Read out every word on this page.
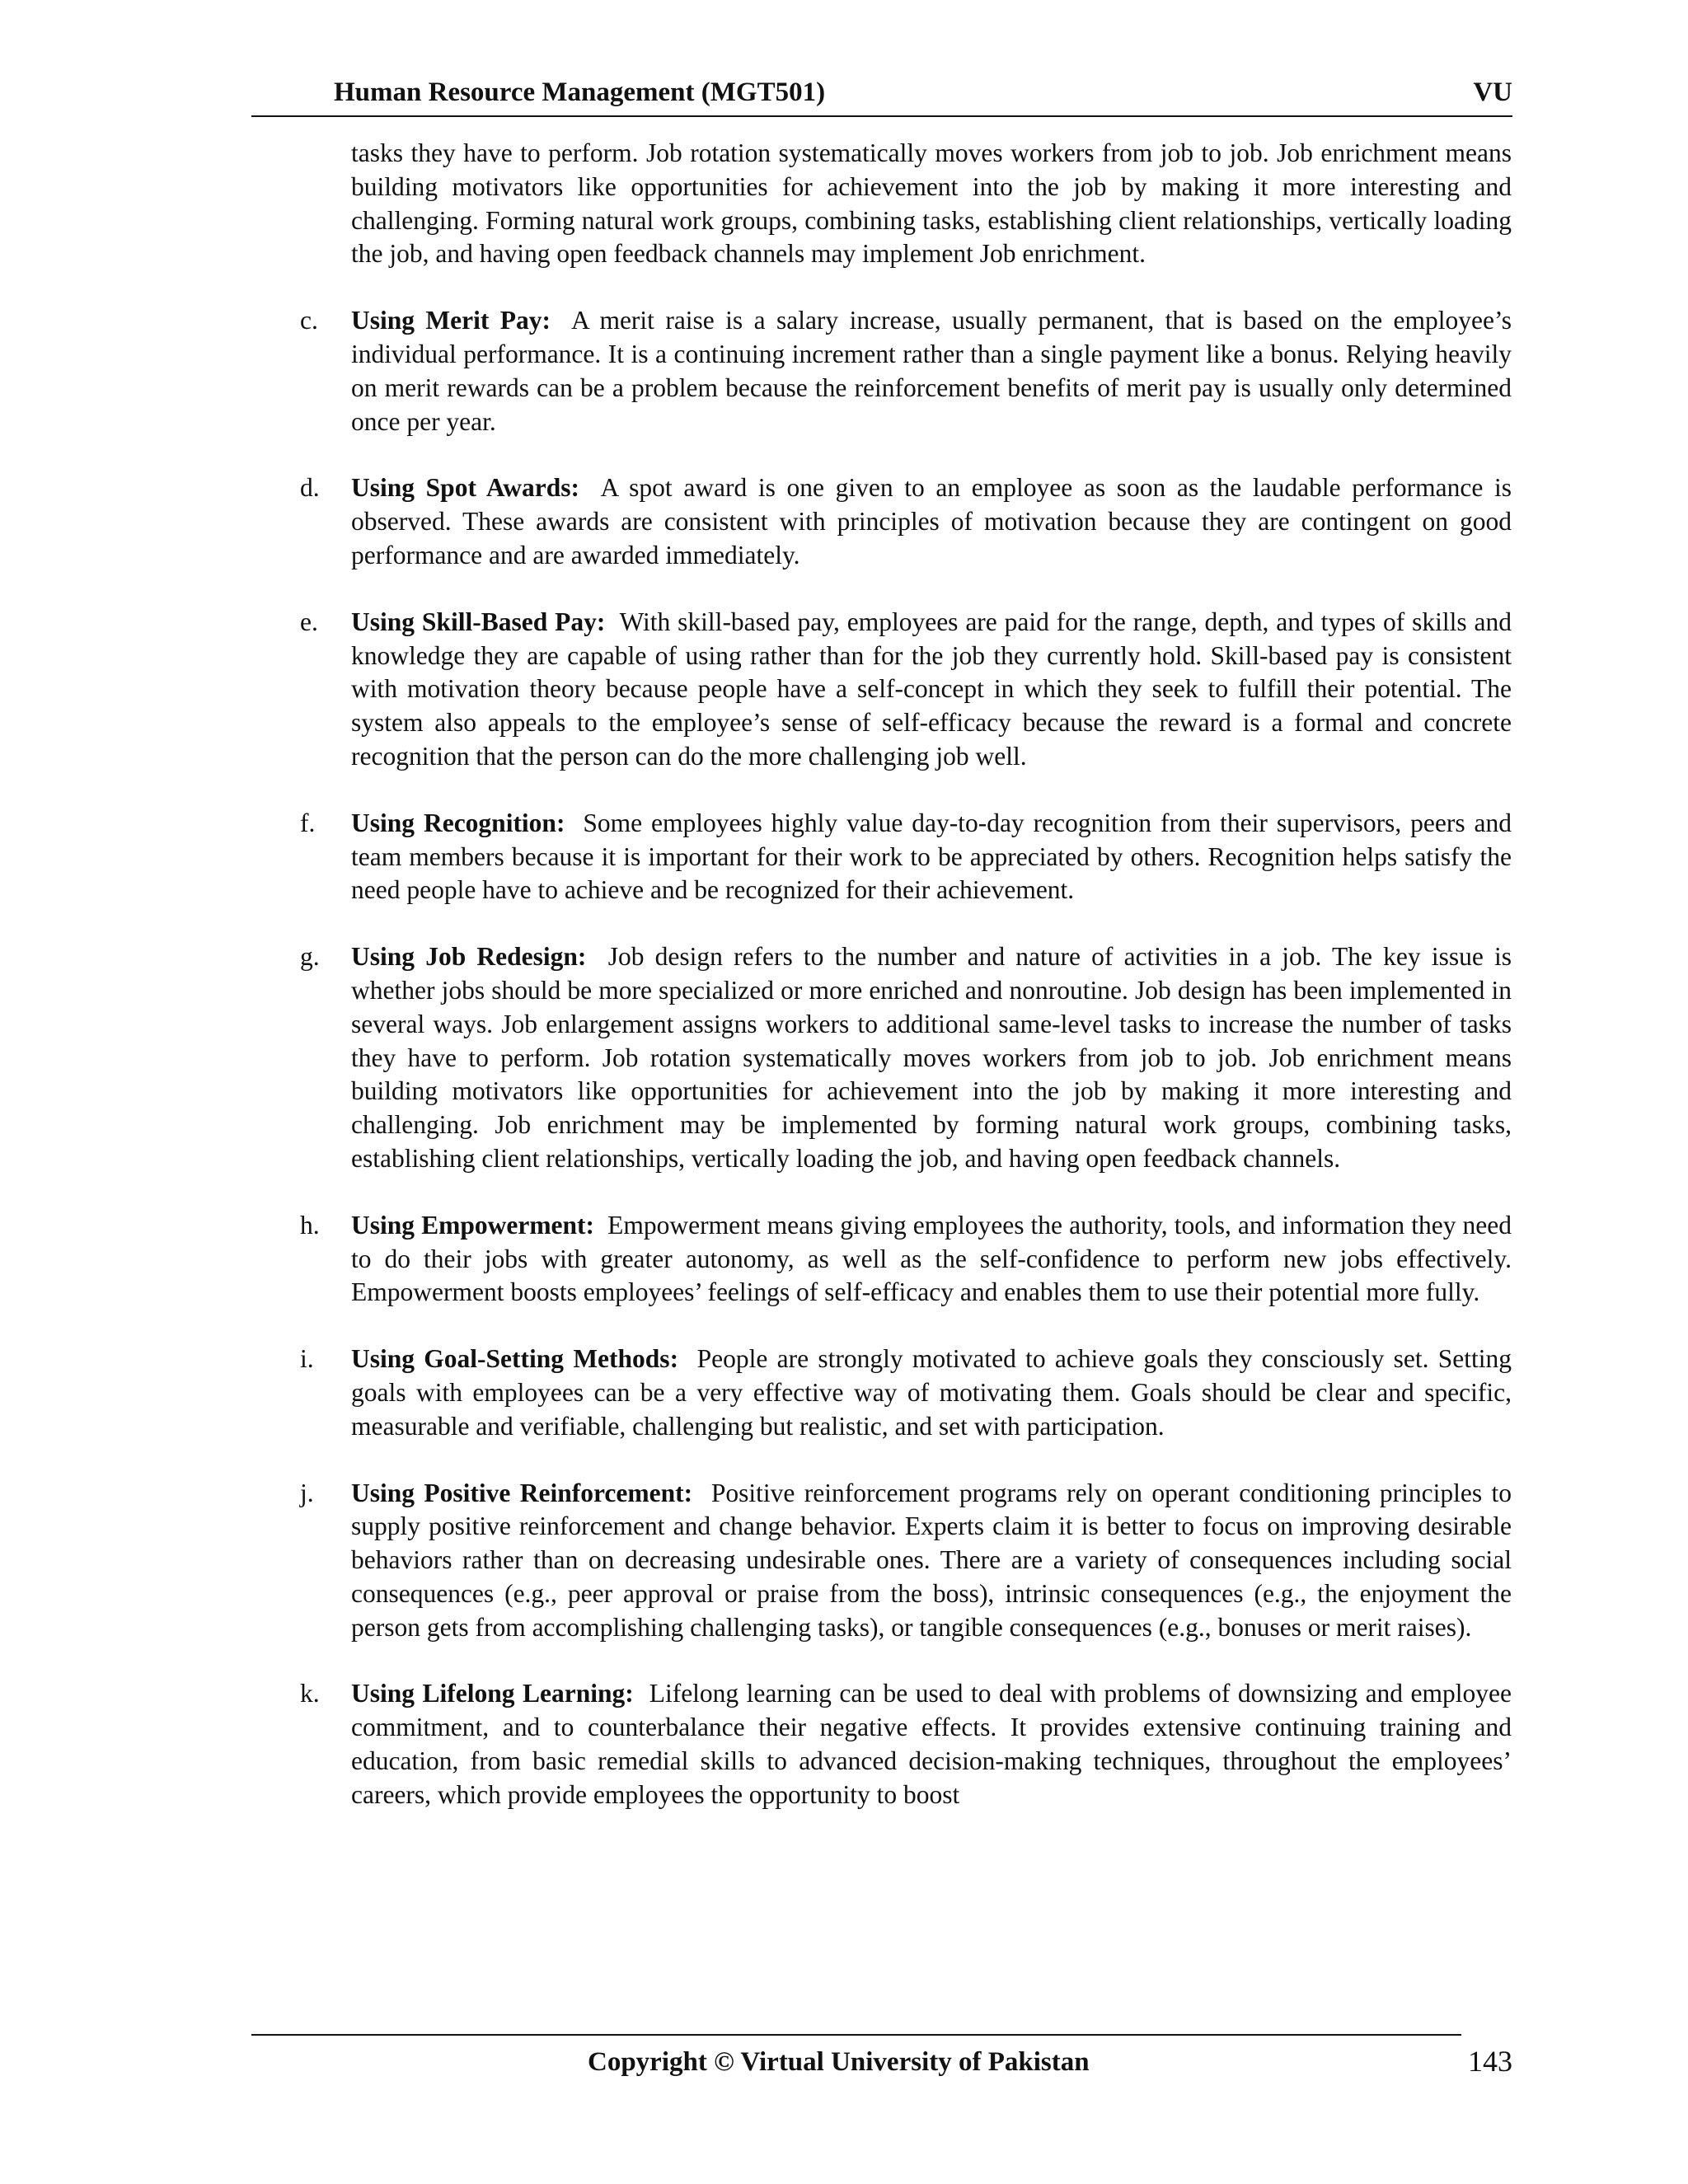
Human Resource Management (MGT501)	VU

tasks they have to perform. Job rotation systematically moves workers from job to job. Job enrichment means building motivators like opportunities for achievement into the job by making it more interesting and challenging. Forming natural work groups, combining tasks, establishing client relationships, vertically loading the job, and having open feedback channels may implement Job enrichment.

c.	Using Merit Pay: A merit raise is a salary increase, usually permanent, that is based on the employee’s individual performance. It is a continuing increment rather than a single payment like a bonus. Relying heavily on merit rewards can be a problem because the reinforcement benefits of merit pay is usually only determined once per year.
d.	Using Spot Awards: A spot award is one given to an employee as soon as the laudable performance is observed. These awards are consistent with principles of motivation because they are contingent on good performance and are awarded immediately.
e.	Using Skill-Based Pay: With skill-based pay, employees are paid for the range, depth, and types of skills and knowledge they are capable of using rather than for the job they currently hold. Skill-based pay is consistent with motivation theory because people have a self-concept in which they seek to fulfill their potential. The system also appeals to the employee’s sense of self-efficacy because the reward is a formal and concrete recognition that the person can do the more challenging job well.
f.	Using Recognition: Some employees highly value day-to-day recognition from their supervisors, peers and team members because it is important for their work to be appreciated by others. Recognition helps satisfy the need people have to achieve and be recognized for their achievement.
g.	Using Job Redesign: Job design refers to the number and nature of activities in a job. The key issue is whether jobs should be more specialized or more enriched and nonroutine. Job design has been implemented in several ways. Job enlargement assigns workers to additional same-level tasks to increase the number of tasks they have to perform. Job rotation systematically moves workers from job to job. Job enrichment means building motivators like opportunities for achievement into the job by making it more interesting and challenging. Job enrichment may be implemented by forming natural work groups, combining tasks, establishing client relationships, vertically loading the job, and having open feedback channels.
h.	Using Empowerment: Empowerment means giving employees the authority, tools, and information they need to do their jobs with greater autonomy, as well as the self-confidence to perform new jobs effectively. Empowerment boosts employees’ feelings of self-efficacy and enables them to use their potential more fully.
i.	Using Goal-Setting Methods: People are strongly motivated to achieve goals they consciously set. Setting goals with employees can be a very effective way of motivating them. Goals should be clear and specific, measurable and verifiable, challenging but realistic, and set with participation.
j.	Using Positive Reinforcement: Positive reinforcement programs rely on operant conditioning principles to supply positive reinforcement and change behavior. Experts claim it is better to focus on improving desirable behaviors rather than on decreasing undesirable ones. There are a variety of consequences including social consequences (e.g., peer approval or praise from the boss), intrinsic consequences (e.g., the enjoyment the person gets from accomplishing challenging tasks), or tangible consequences (e.g., bonuses or merit raises).
k.	Using Lifelong Learning: Lifelong learning can be used to deal with problems of downsizing and employee commitment, and to counterbalance their negative effects. It provides extensive continuing training and education, from basic remedial skills to advanced decision-making techniques, throughout the employees’ careers, which provide employees the opportunity to boost
Copyright © Virtual University of Pakistan	143
